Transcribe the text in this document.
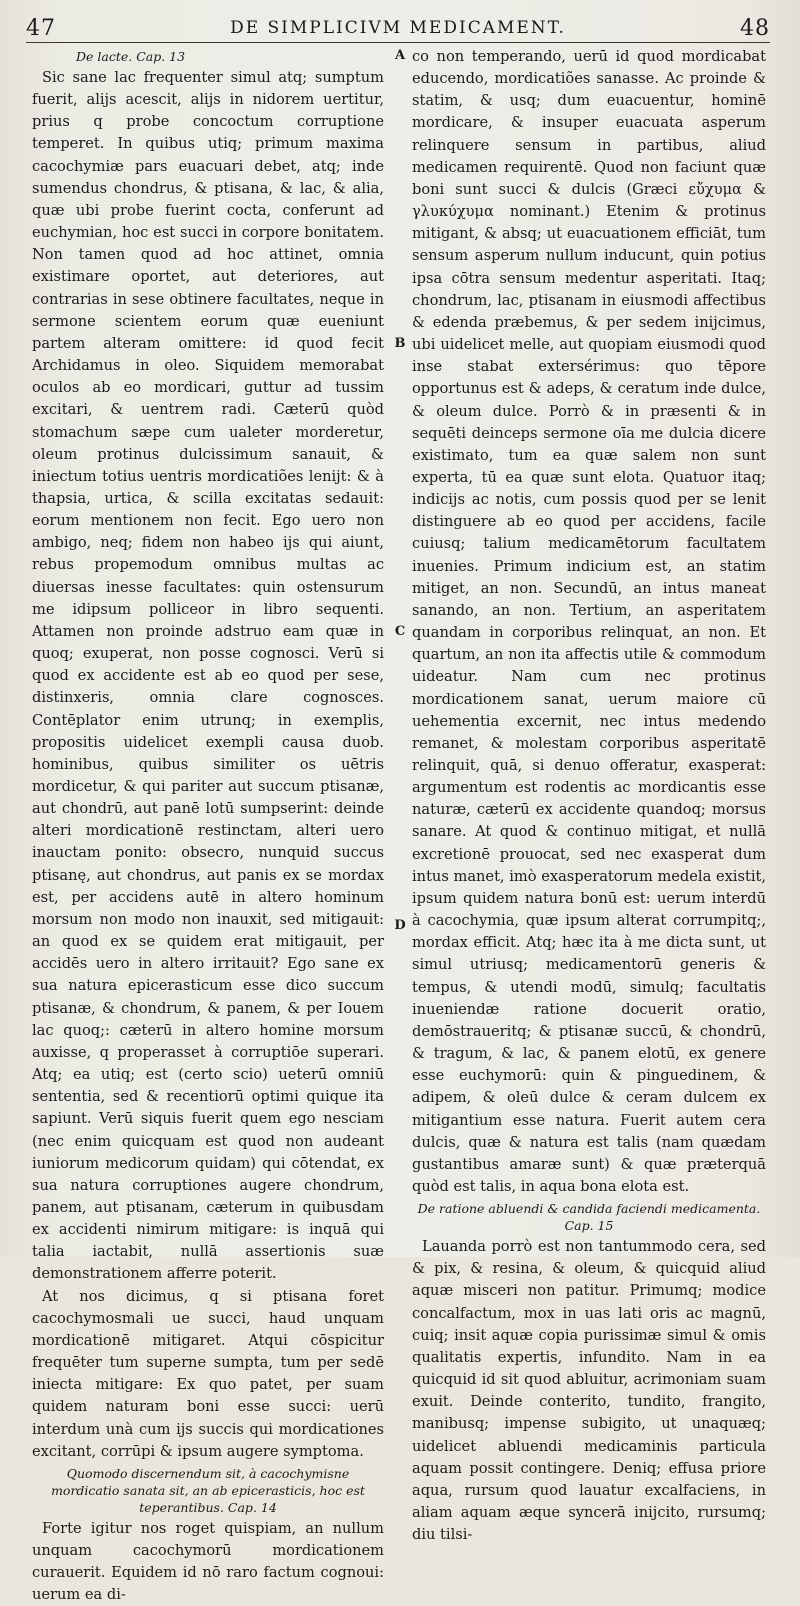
47	DE SIMPLICIVM MEDICAMENT.	48
De lacte. Cap. 13

Sic sane lac frequenter simul atq; sumptum fuerit, alijs acescit, alijs in nidorem uertitur, prius q probe concoctum corruptione temperet. In quibus utiq; primum maxima cacochymiæ pars euacuari debet, atq; inde sumendus chondrus, & ptisana, & lac, & alia, quæ ubi probe fuerint cocta, conferunt ad euchymian, hoc est succi in corpore bonitatem. Non tamen quod ad hoc attinet, omnia existimare oportet, aut deteriores, aut contrarias in sese obtinere facultates, neque in sermone scientem eorum quæ eueniunt partem alteram omittere: id quod fecit Archidamus in oleo. Siquidem memorabat oculos ab eo mordicari, guttur ad tussim excitari, & uentrem radi. Cæterū quòd stomachum sæpe cum ualeter morderetur, oleum protinus dulcissimum sanauit, & iniectum totius uentris mordicatiões lenijt: & à thapsia, urtica, & scilla excitatas sedauit: eorum mentionem non fecit. Ego uero non ambigo, neq; fidem non habeo ijs qui aiunt, rebus propemodum omnibus multas ac diuersas inesse facultates: quin ostensurum me idipsum polliceor in libro sequenti. Attamen non proinde adstruo eam quæ in quoq; exuperat, non posse cognosci. Verū si quod ex accidente est ab eo quod per sese, distinxeris, omnia clare cognosces. Contēplator enim utrunq; in exemplis, propositis uidelicet exempli causa duob. hominibus, quibus similiter os uētris mordicetur, & qui pariter aut succum ptisanæ, aut chondrū, aut panē lotū sumpserint: deinde alteri mordicationē restinctam, alteri uero inauctam ponito: obsecro, nunquid succus ptisanę, aut chondrus, aut panis ex se mordax est, per accidens autē in altero hominum morsum non modo non inauxit, sed mitigauit: an quod ex se quidem erat mitigauit, per accidēs uero in altero irritauit? Ego sane ex sua natura epicerasticum esse dico succum ptisanæ, & chondrum, & panem, & per Iouem lac quoq;: cæterū in altero homine morsum auxisse, q properasset à corruptiōe superari. Atq; ea utiq; est (certo scio) ueterū omniū sententia, sed & recentiorū optimi quique ita sapiunt. Verū siquis fuerit quem ego nesciam (nec enim quicquam est quod non audeant iuniorum medicorum quidam) qui cōtendat, ex sua natura corruptiones augere chondrum, panem, aut ptisanam, cæterum in quibusdam ex accidenti nimirum mitigare: is inquā qui talia iactabit, nullā assertionis suæ demonstrationem afferre poterit.

At nos dicimus, q si ptisana foret cacochymosmali ue succi, haud unquam mordicationē mitigaret. Atqui cōspicitur frequēter tum superne sumpta, tum per sedē iniecta mitigare: Ex quo patet, per suam quidem naturam boni esse succi: uerū interdum unà cum ijs succis qui mordicationes excitant, corrūpi & ipsum augere symptoma.

Quomodo discernendum sit, à cacochymisne mordicatio sanata sit, an ab epicerasticis, hoc est teperantibus. Cap. 14

Forte igitur nos roget quispiam, an nullum unquam cacochymorū mordicationem curauerit. Equidem id nō raro factum cognoui: uerum ea di-

A
B
C
D

co non temperando, uerū id quod mordicabat educendo, mordicatiões sanasse. Ac proinde & statim, & usq; dum euacuentur, hominē mordicare, & insuper euacuata asperum relinquere sensum in partibus, aliud medicamen requirentē. Quod non faciunt quæ boni sunt succi & dulcis (Græci εὔχυμα & γλυκύχυμα nominant.) Etenim & protinus mitigant, & absq; ut euacuationem efficiāt, tum sensum asperum nullum inducunt, quin potius ipsa cōtra sensum medentur asperitati. Itaq; chondrum, lac, ptisanam in eiusmodi affectibus & edenda præbemus, & per sedem inijcimus, ubi uidelicet melle, aut quopiam eiusmodi quod inse stabat extersérimus: quo tēpore opportunus est & adeps, & ceratum inde dulce, & oleum dulce. Porrò & in præsenti & in sequēti deinceps sermone oīa me dulcia dicere existimato, tum ea quæ salem non sunt experta, tū ea quæ sunt elota. Quatuor itaq; indicijs ac notis, cum possis quod per se lenit distinguere ab eo quod per accidens, facile cuiusq; talium medicamētorum facultatem inuenies. Primum indicium est, an statim mitiget, an non. Secundū, an intus maneat sanando, an non. Tertium, an asperitatem quandam in corporibus relinquat, an non. Et quartum, an non ita affectis utile & commodum uideatur. Nam cum nec protinus mordicationem sanat, uerum maiore cū uehementia excernit, nec intus medendo remanet, & molestam corporibus asperitatē relinquit, quā, si denuo offeratur, exasperat: argumentum est rodentis ac mordicantis esse naturæ, cæterū ex accidente quandoq; morsus sanare. At quod & continuo mitigat, et nullā excretionē prouocat, sed nec exasperat dum intus manet, imò exasperatorum medela existit, ipsum quidem natura bonū est: uerum interdū à cacochymia, quæ ipsum alterat corrumpitq;, mordax efficit. Atq; hæc ita à me dicta sunt, ut simul utriusq; medicamentorū generis & tempus, & utendi modū, simulq; facultatis inueniendæ ratione docuerit oratio, demōstraueritq; & ptisanæ succū, & chondrū, & tragum, & lac, & panem elotū, ex genere esse euchymorū: quin & pinguedinem, & adipem, & oleū dulce & ceram dulcem ex mitigantium esse natura. Fuerit autem cera dulcis, quæ & natura est talis (nam quædam gustantibus amaræ sunt) & quæ præterquā quòd est talis, in aqua bona elota est.

De ratione abluendi & candida faciendi medicamenta. Cap. 15

Lauanda porrò est non tantummodo cera, sed & pix, & resina, & oleum, & quicquid aliud aquæ misceri non patitur. Primumq; modice concalfactum, mox in uas lati oris ac magnū, cuiq; insit aquæ copia purissimæ simul & omis qualitatis expertis, infundito. Nam in ea quicquid id sit quod abluitur, acrimoniam suam exuit. Deinde conterito, tundito, frangito, manibusq; impense subigito, ut unaquæq; uidelicet abluendi medicaminis particula aquam possit contingere. Deniq; effusa priore aqua, rursum quod lauatur excalfaciens, in aliam aquam æque syncerā inijcito, rursumq; diu tilsi-
